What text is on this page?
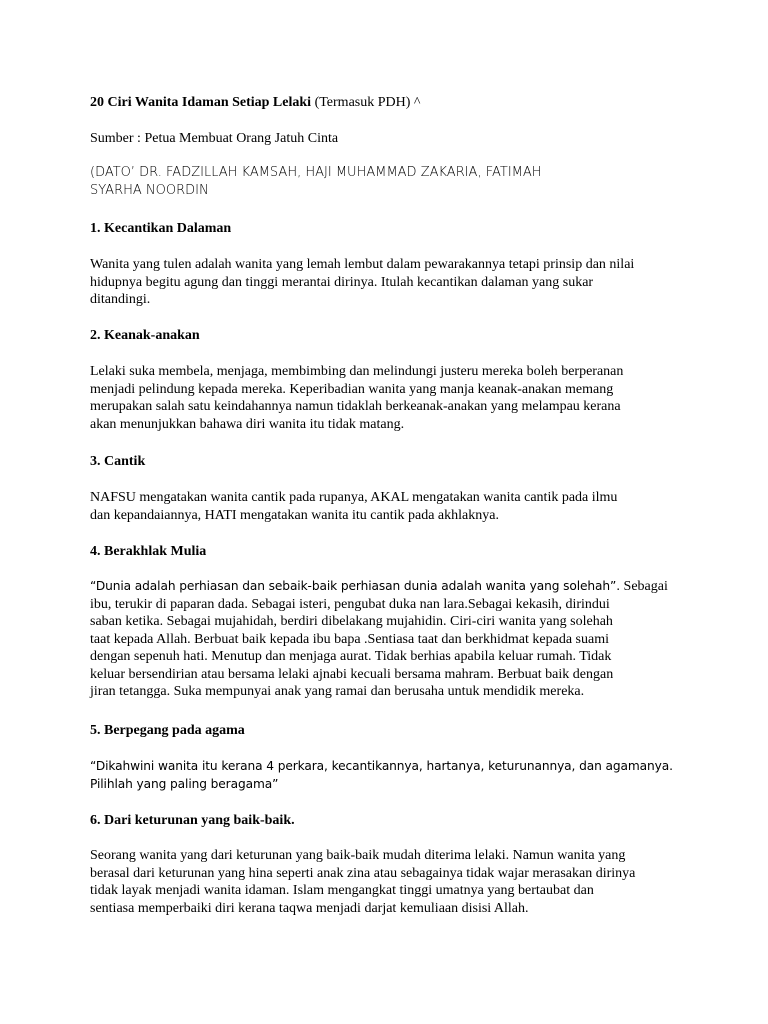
20 Ciri Wanita Idaman Setiap Lelaki (Termasuk PDH) ^

Sumber : Petua Membuat Orang Jatuh Cinta

(DATO’ DR. FADZILLAH KAMSAH, HAJI MUHAMMAD ZAKARIA, FATIMAH
SYARHA NOORDIN

1. Kecantikan Dalaman

Wanita yang tulen adalah wanita yang lemah lembut dalam pewarakannya tetapi prinsip dan nilai
hidupnya begitu agung dan tinggi merantai dirinya. Itulah kecantikan dalaman yang sukar
ditandingi.

2. Keanak-anakan

Lelaki suka membela, menjaga, membimbing dan melindungi justeru mereka boleh berperanan
menjadi pelindung kepada mereka. Keperibadian wanita yang manja keanak-anakan memang
merupakan salah satu keindahannya namun tidaklah berkeanak-anakan yang melampau kerana
akan menunjukkan bahawa diri wanita itu tidak matang.

3. Cantik

NAFSU mengatakan wanita cantik pada rupanya, AKAL mengatakan wanita cantik pada ilmu
dan kepandaiannya, HATI mengatakan wanita itu cantik pada akhlaknya.

4. Berakhlak Mulia

“Dunia adalah perhiasan dan sebaik-baik perhiasan dunia adalah wanita yang solehah”. Sebagai
ibu, terukir di paparan dada. Sebagai isteri, pengubat duka nan lara.Sebagai kekasih, dirindui
saban ketika. Sebagai mujahidah, berdiri dibelakang mujahidin. Ciri-ciri wanita yang solehah
taat kepada Allah. Berbuat baik kepada ibu bapa .Sentiasa taat dan berkhidmat kepada suami
dengan sepenuh hati. Menutup dan menjaga aurat. Tidak berhias apabila keluar rumah. Tidak
keluar bersendirian atau bersama lelaki ajnabi kecuali bersama mahram. Berbuat baik dengan
jiran tetangga. Suka mempunyai anak yang ramai dan berusaha untuk mendidik mereka.

5. Berpegang pada agama

“Dikahwini wanita itu kerana 4 perkara, kecantikannya, hartanya, keturunannya, dan agamanya.
Pilihlah yang paling beragama”

6. Dari keturunan yang baik-baik.

Seorang wanita yang dari keturunan yang baik-baik mudah diterima lelaki. Namun wanita yang
berasal dari keturunan yang hina seperti anak zina atau sebagainya tidak wajar merasakan dirinya
tidak layak menjadi wanita idaman. Islam mengangkat tinggi umatnya yang bertaubat dan
sentiasa memperbaiki diri kerana taqwa menjadi darjat kemuliaan disisi Allah.
